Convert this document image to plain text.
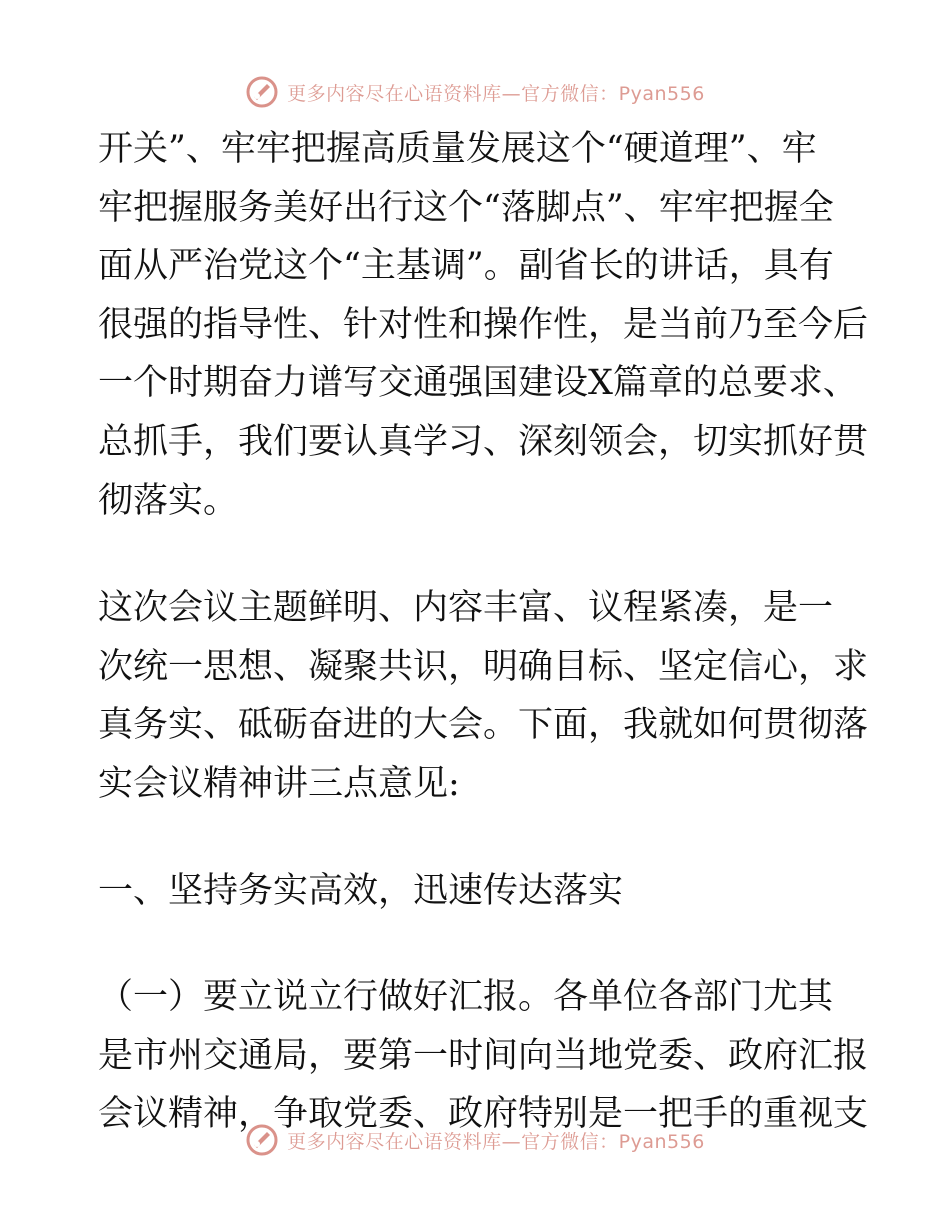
更多内容尽在心语资料库—官方微信：Pyan556

开关”、牢牢把握高质量发展这个“硬道理”、牢
牢把握服务美好出行这个“落脚点”、牢牢把握全
面从严治党这个“主基调”。副省长的讲话，具有
很强的指导性、针对性和操作性，是当前乃至今后
一个时期奋力谱写交通强国建设X篇章的总要求、
总抓手，我们要认真学习、深刻领会，切实抓好贯
彻落实。

这次会议主题鲜明、内容丰富、议程紧凑，是一
次统一思想、凝聚共识，明确目标、坚定信心，求
真务实、砥砺奋进的大会。下面，我就如何贯彻落
实会议精神讲三点意见:

一、坚持务实高效，迅速传达落实

（一）要立说立行做好汇报。各单位各部门尤其
是市州交通局，要第一时间向当地党委、政府汇报
会议精神，争取党委、政府特别是一把手的重视支

更多内容尽在心语资料库—官方微信：Pyan556
